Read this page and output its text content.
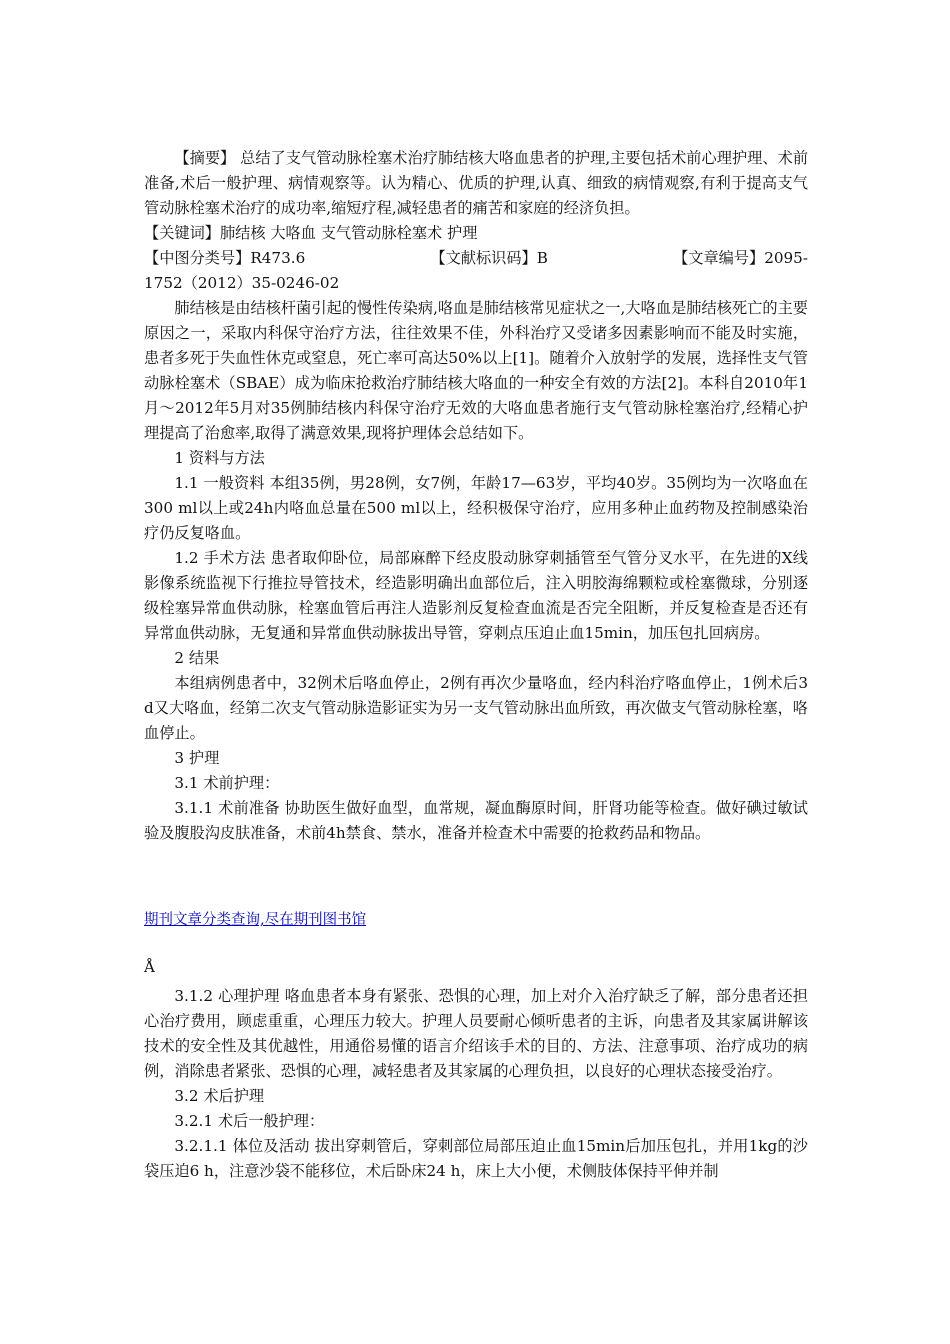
【摘要】 总结了支气管动脉栓塞术治疗肺结核大咯血患者的护理,主要包括术前心理护理、术前准备,术后一般护理、病情观察等。认为精心、优质的护理,认真、细致的病情观察,有利于提高支气管动脉栓塞术治疗的成功率,缩短疗程,减轻患者的痛苦和家庭的经济负担。

【关键词】肺结核 大咯血 支气管动脉栓塞术 护理

【中图分类号】R473.6	【文献标识码】B	【文章编号】2095-

1752（2012）35-0246-02

肺结核是由结核杆菌引起的慢性传染病,咯血是肺结核常见症状之一,大咯血是肺结核死亡的主要原因之一，采取内科保守治疗方法，往往效果不佳，外科治疗又受诸多因素影响而不能及时实施，患者多死于失血性休克或窒息，死亡率可高达50%以上[1]。随着介入放射学的发展，选择性支气管动脉栓塞术（SBAE）成为临床抢救治疗肺结核大咯血的一种安全有效的方法[2]。本科自2010年1月～2012年5月对35例肺结核内科保守治疗无效的大咯血患者施行支气管动脉栓塞治疗,经精心护理提高了治愈率,取得了满意效果,现将护理体会总结如下。

1 资料与方法

1.1 一般资料 本组35例，男28例，女7例，年龄17—63岁，平均40岁。35例均为一次咯血在300 ml以上或24h内咯血总量在500 ml以上，经积极保守治疗，应用多种止血药物及控制感染治疗仍反复咯血。

1.2 手术方法 患者取仰卧位，局部麻醉下经皮股动脉穿刺插管至气管分叉水平，在先进的X线影像系统监视下行推拉导管技术，经造影明确出血部位后，注入明胶海绵颗粒或栓塞微球，分别逐级栓塞异常血供动脉，栓塞血管后再注人造影剂反复检查血流是否完全阻断，并反复检查是否还有异常血供动脉，无复通和异常血供动脉拔出导管，穿刺点压迫止血15min，加压包扎回病房。

2 结果

本组病例患者中，32例术后咯血停止，2例有再次少量咯血，经内科治疗咯血停止，1例术后3 d又大咯血，经第二次支气管动脉造影证实为另一支气管动脉出血所致，再次做支气管动脉栓塞，咯血停止。

3 护理

3.1 术前护理：

3.1.1 术前准备 协助医生做好血型，血常规，凝血酶原时间，肝肾功能等检查。做好碘过敏试验及腹股沟皮肤准备，术前4h禁食、禁水，准备并检查术中需要的抢救药品和物品。

期刊文章分类查询,尽在期刊图书馆
Å

3.1.2 心理护理 咯血患者本身有紧张、恐惧的心理，加上对介入治疗缺乏了解，部分患者还担心治疗费用，顾虑重重，心理压力较大。护理人员要耐心倾听患者的主诉，向患者及其家属讲解该技术的安全性及其优越性，用通俗易懂的语言介绍该手术的目的、方法、注意事项、治疗成功的病例，消除患者紧张、恐惧的心理，减轻患者及其家属的心理负担，以良好的心理状态接受治疗。

3.2 术后护理

3.2.1 术后一般护理：

3.2.1.1 体位及活动 拔出穿刺管后，穿刺部位局部压迫止血15min后加压包扎，并用1kg的沙袋压迫6 h，注意沙袋不能移位，术后卧床24 h，床上大小便，术侧肢体保持平伸并制
